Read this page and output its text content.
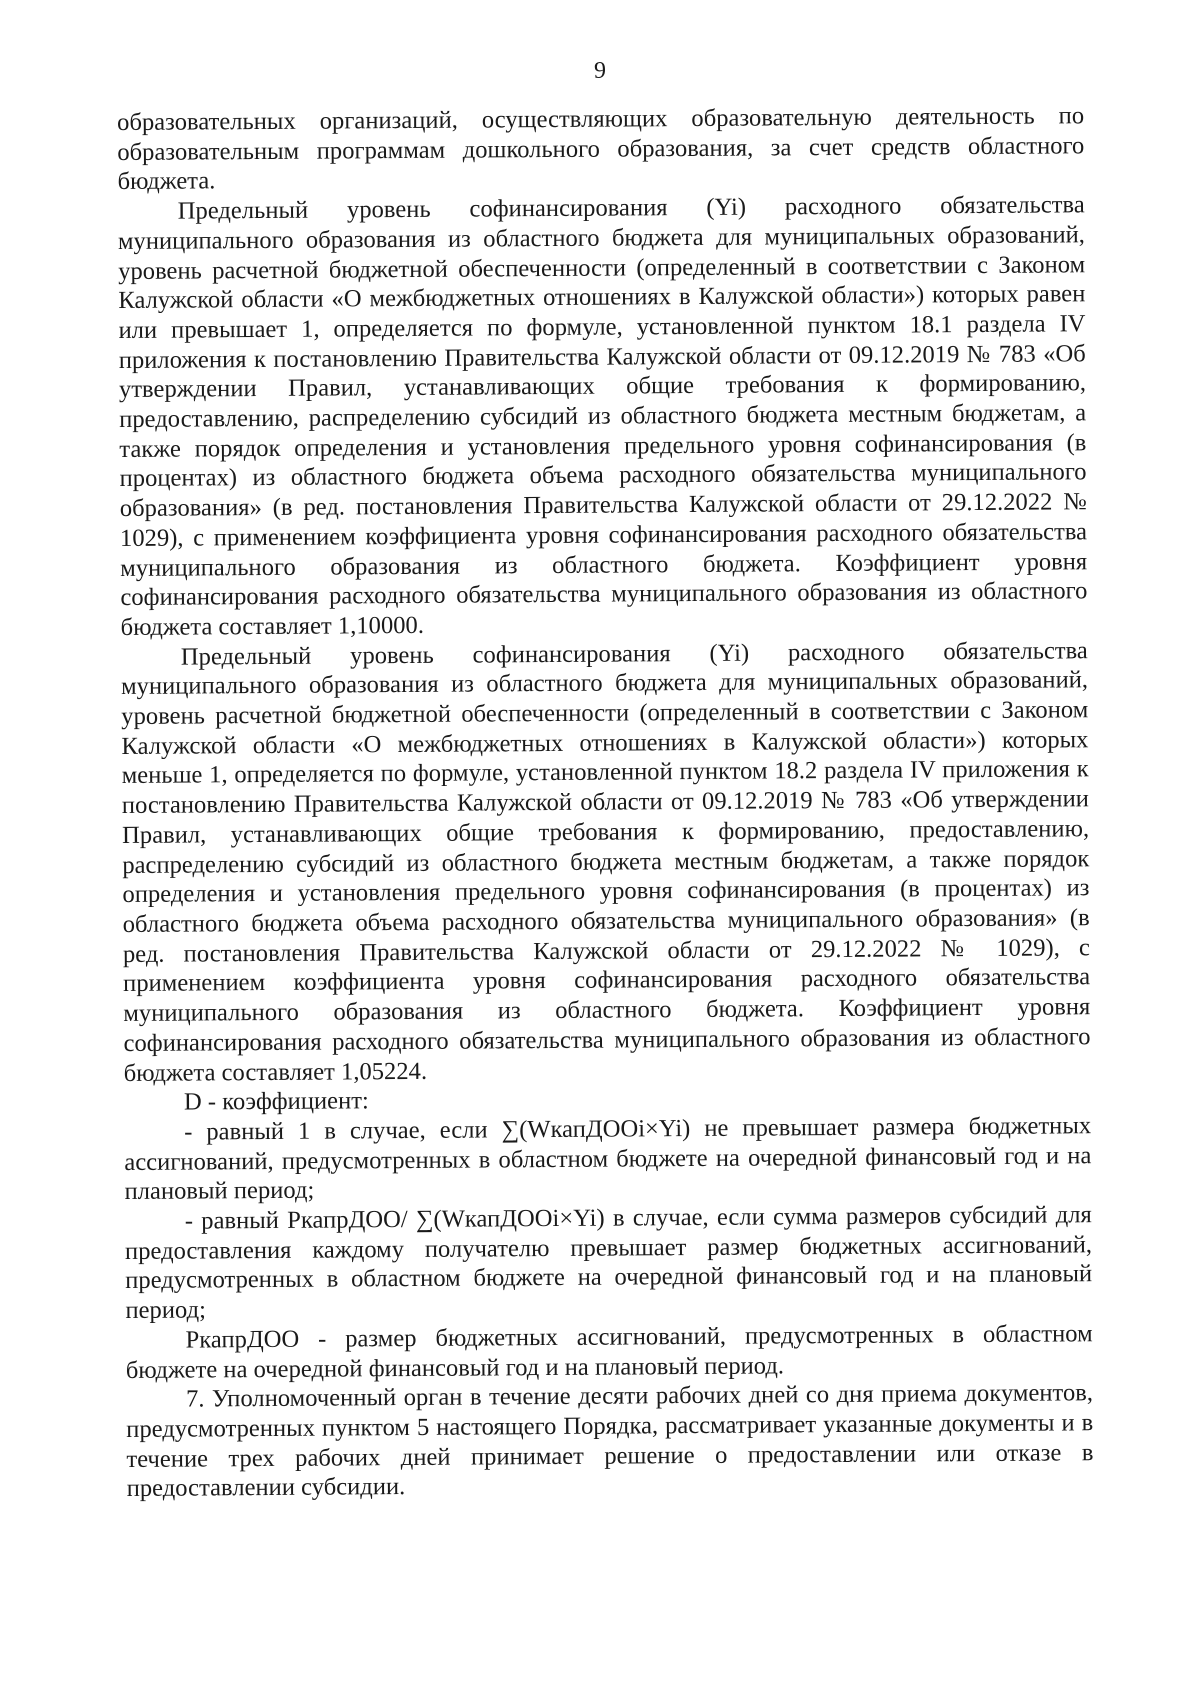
9

образовательных организаций, осуществляющих образовательную деятельность по образовательным программам дошкольного образования, за счет средств областного бюджета.

Предельный уровень софинансирования (Yi) расходного обязательства муниципального образования из областного бюджета для муниципальных образований, уровень расчетной бюджетной обеспеченности (определенный в соответствии с Законом Калужской области «О межбюджетных отношениях в Калужской области») которых равен или превышает 1, определяется по формуле, установленной пунктом 18.1 раздела IV приложения к постановлению Правительства Калужской области от 09.12.2019 № 783 «Об утверждении Правил, устанавливающих общие требования к формированию, предоставлению, распределению субсидий из областного бюджета местным бюджетам, а также порядок определения и установления предельного уровня софинансирования (в процентах) из областного бюджета объема расходного обязательства муниципального образования» (в ред. постановления Правительства Калужской области от 29.12.2022 № 1029), с применением коэффициента уровня софинансирования расходного обязательства муниципального образования из областного бюджета. Коэффициент уровня софинансирования расходного обязательства муниципального образования из областного бюджета составляет 1,10000.

Предельный уровень софинансирования (Yi) расходного обязательства муниципального образования из областного бюджета для муниципальных образований, уровень расчетной бюджетной обеспеченности (определенный в соответствии с Законом Калужской области «О межбюджетных отношениях в Калужской области») которых меньше 1, определяется по формуле, установленной пунктом 18.2 раздела IV приложения к постановлению Правительства Калужской области от 09.12.2019 № 783 «Об утверждении Правил, устанавливающих общие требования к формированию, предоставлению, распределению субсидий из областного бюджета местным бюджетам, а также порядок определения и установления предельного уровня софинансирования (в процентах) из областного бюджета объема расходного обязательства муниципального образования» (в ред. постановления Правительства Калужской области от 29.12.2022 № 1029), с применением коэффициента уровня софинансирования расходного обязательства муниципального образования из областного бюджета. Коэффициент уровня софинансирования расходного обязательства муниципального образования из областного бюджета составляет 1,05224.

D - коэффициент:

- равный 1 в случае, если ∑(WкапДООi×Yi) не превышает размера бюджетных ассигнований, предусмотренных в областном бюджете на очередной финансовый год и на плановый период;

- равный РкапрДОО/ ∑(WкапДООi×Yi) в случае, если сумма размеров субсидий для предоставления каждому получателю превышает размер бюджетных ассигнований, предусмотренных в областном бюджете на очередной финансовый год и на плановый период;

РкапрДОО - размер бюджетных ассигнований, предусмотренных в областном бюджете на очередной финансовый год и на плановый период.

7. Уполномоченный орган в течение десяти рабочих дней со дня приема документов, предусмотренных пунктом 5 настоящего Порядка, рассматривает указанные документы и в течение трех рабочих дней принимает решение о предоставлении или отказе в предоставлении субсидии.
